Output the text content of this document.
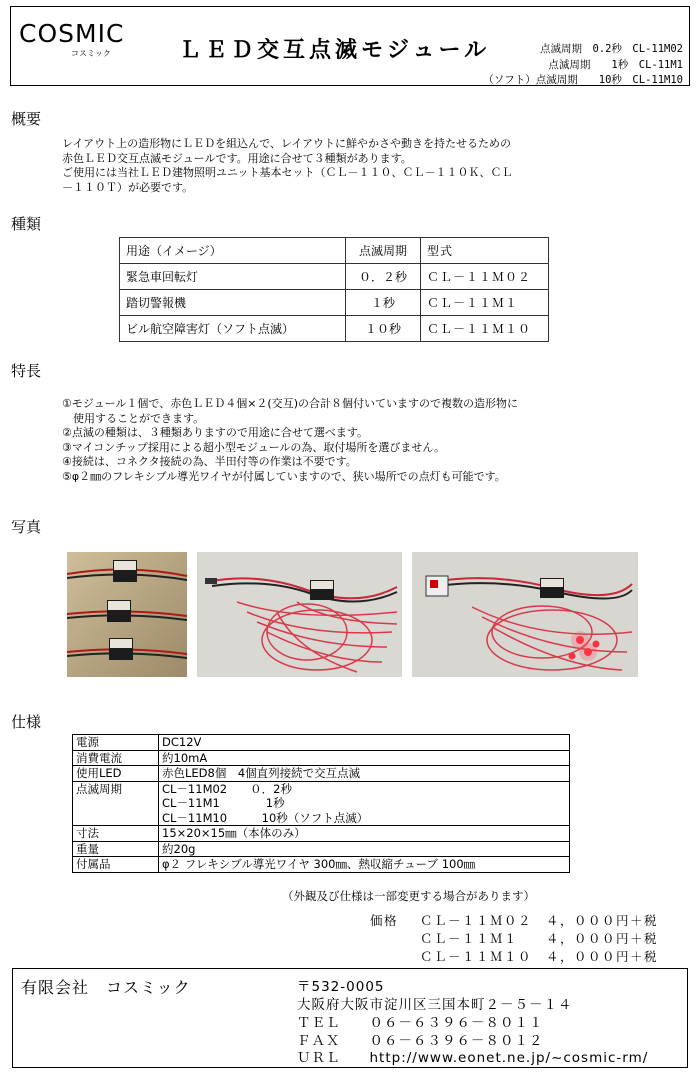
COSMIC
コスミック	ＬＥＤ交互点滅モジュール	点滅周期　0.2秒　CL-11M02
点滅周期　　1秒　CL-11M1
（ソフト）点滅周期　　10秒　CL-11M10
概要
レイアウト上の造形物にＬＥＤを組込んで、レイアウトに鮮やかさや動きを持たせるための
赤色ＬＥＤ交互点滅モジュールです。用途に合せて３種類があります。
ご使用には当社ＬＥＤ建物照明ユニット基本セット（ＣＬ－１１０、ＣＬ－１１０Ｋ、ＣＬ
－１１０Ｔ）が必要です。
種類
用途（イメージ）	点滅周期	型式
緊急車回転灯	０．２秒	ＣＬ－１１Ｍ０２
踏切警報機	１秒	ＣＬ－１１Ｍ１
ビル航空障害灯（ソフト点滅）	１０秒	ＣＬ－１１Ｍ１０
特長
①モジュール１個で、赤色ＬＥＤ４個×２(交互)の合計８個付いていますので複数の造形物に
　使用することができます。
②点滅の種類は、３種類ありますので用途に合せて選べます。
③マイコンチップ採用による超小型モジュールの為、取付場所を選びません。
④接続は、コネクタ接続の為、半田付等の作業は不要です。
⑤φ２㎜のフレキシブル導光ワイヤが付属していますので、狭い場所での点灯も可能です。
写真
仕様
電源	DC12V
消費電流	約10mA
使用LED	赤色LED8個　4個直列接続で交互点滅
点滅周期	CL－11M02　　０．2秒
CL－11M1　　　　1秒
CL－11M10　　　10秒（ソフト点滅）
寸法	15×20×15㎜（本体のみ）
重量	約20g
付属品	φ２ フレキシブル導光ワイヤ 300㎜、熱収縮チューブ 100㎜
（外観及び仕様は一部変更する場合があります）
価格 ＣＬ－１１Ｍ０２　４，０００円＋税
ＣＬ－１１Ｍ１　　４，０００円＋税
ＣＬ－１１Ｍ１０　４，０００円＋税
有限会社　コスミック	〒532-0005
大阪府大阪市淀川区三国本町２－５－１４
ＴＥＬ　　０６－６３９６－８０１１
ＦＡＸ　　０６－６３９６－８０１２
ＵＲＬ　　http://www.eonet.ne.jp/~cosmic-rm/
